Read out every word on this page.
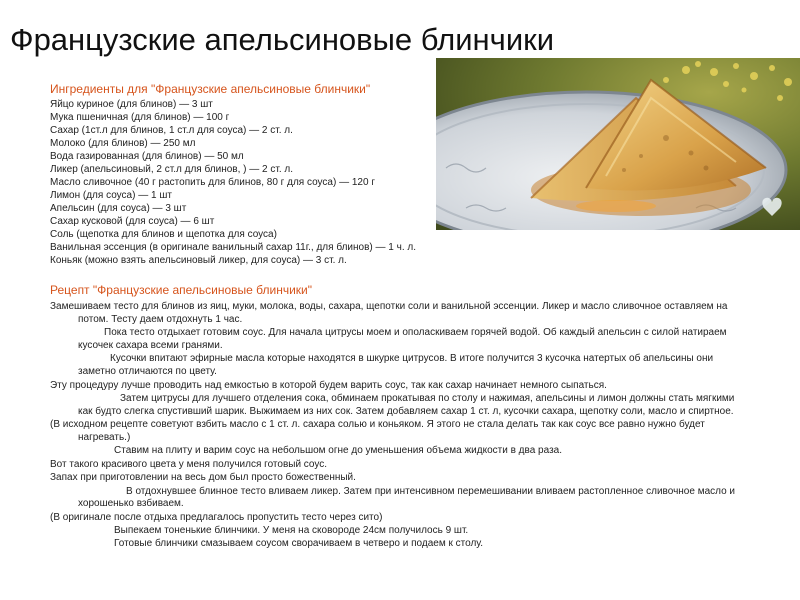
Французские апельсиновые блинчики
Ингредиенты для "Французские апельсиновые блинчики"
Яйцо куриное (для блинов) — 3 шт
Мука пшеничная (для блинов) — 100 г
Сахар (1ст.л для блинов, 1 ст.л для соуса) — 2 ст. л.
Молоко (для блинов) — 250 мл
Вода газированная (для блинов) — 50 мл
Ликер (апельсиновый, 2 ст.л для блинов, ) — 2 ст. л.
Масло сливочное (40 г растопить для блинов, 80 г для соуса) — 120 г
Лимон (для соуса) — 1 шт
Апельсин (для соуса) — 3 шт
Сахар кусковой (для соуса) — 6 шт
Соль (щепотка для блинов и щепотка для соуса)
Ванильная эссенция (в оригинале ванильный сахар 11г., для блинов) — 1 ч. л.
Коньяк (можно взять апельсиновый ликер, для соуса) — 3 ст. л.
Рецепт "Французские апельсиновые блинчики"

Замешиваем тесто для блинов из яиц, муки, молока, воды, сахара, щепотки соли и ванильной эссенции. Ликер и масло сливочное оставляем на потом. Тесту даем отдохнуть 1 час.

Пока тесто отдыхает готовим соус. Для начала цитрусы моем и ополаскиваем горячей водой. Об каждый апельсин с силой натираем кусочек сахара всеми гранями.

Кусочки впитают эфирные масла которые находятся в шкурке цитрусов. В итоге получится 3 кусочка натертых об апельсины они заметно отличаются по цвету.

Эту процедуру лучше проводить над емкостью в которой будем варить соус, так как сахар начинает немного сыпаться.

Затем цитрусы для лучшего отделения сока, обминаем прокатывая по столу и нажимая, апельсины и лимон должны стать мягкими как будто слегка спустивший шарик. Выжимаем из них сок. Затем добавляем сахар 1 ст. л, кусочки сахара, щепотку соли, масло и спиртное.

(В исходном рецепте советуют взбить масло с 1 ст. л. сахара солью и коньяком. Я этого не стала делать так как соус все равно нужно будет нагревать.)

Ставим на плиту и варим соус на небольшом огне до уменьшения объема жидкости в два раза.

Вот такого красивого цвета у меня получился готовый соус.

Запах при приготовлении на весь дом был просто божественный.

В отдохнувшее блинное тесто вливаем ликер. Затем при интенсивном перемешивании вливаем растопленное сливочное масло и хорошенько взбиваем.

(В оригинале после отдыха предлагалось пропустить тесто через сито)

Выпекаем тоненькие блинчики. У меня на сковороде 24см получилось 9 шт.

Готовые блинчики смазываем соусом сворачиваем в четверо и подаем к столу.
